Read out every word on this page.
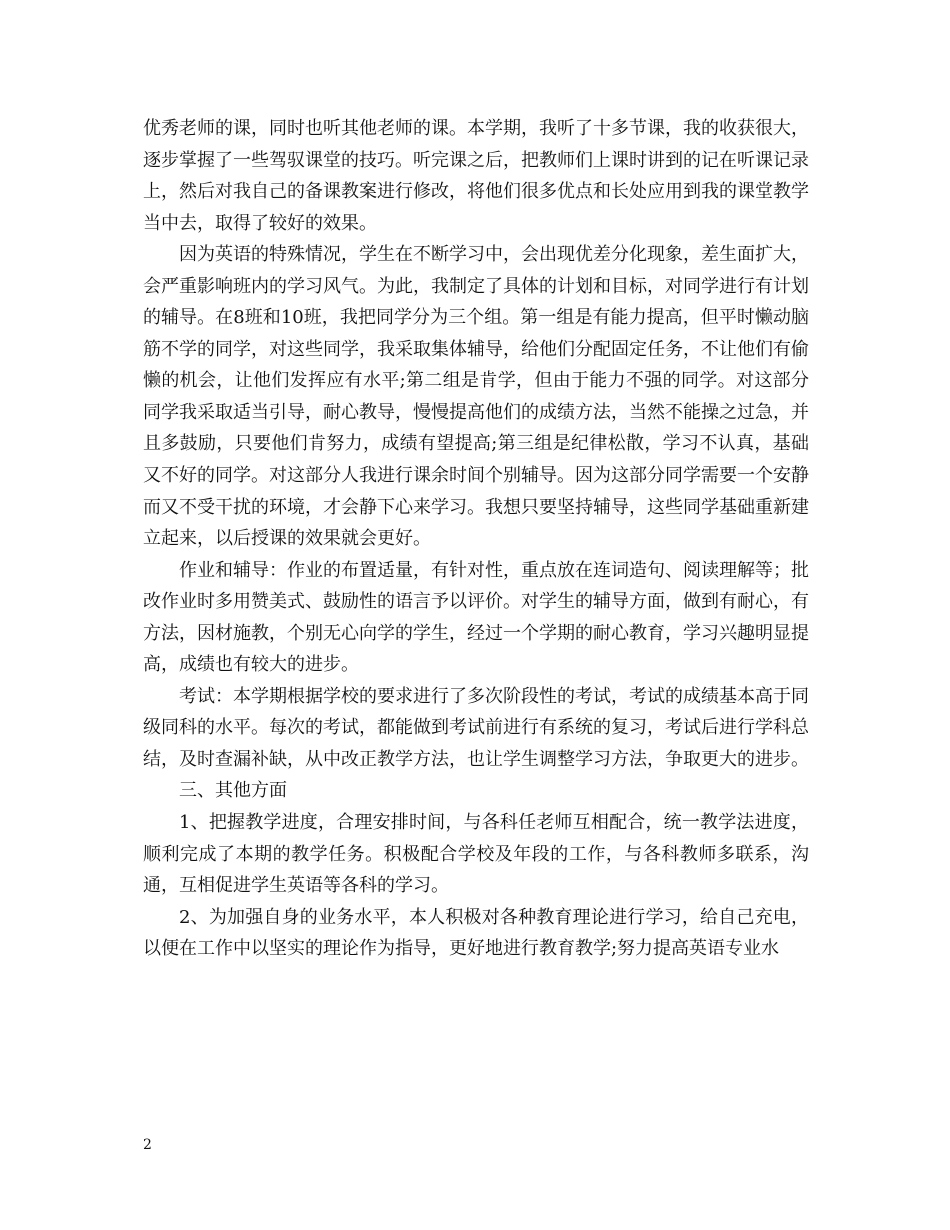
优秀老师的课，同时也听其他老师的课。本学期，我听了十多节课，我的收获很大，逐步掌握了一些驾驭课堂的技巧。听完课之后，把教师们上课时讲到的记在听课记录上，然后对我自己的备课教案进行修改，将他们很多优点和长处应用到我的课堂教学当中去，取得了较好的效果。

因为英语的特殊情况，学生在不断学习中，会出现优差分化现象，差生面扩大，会严重影响班内的学习风气。为此，我制定了具体的计划和目标，对同学进行有计划的辅导。在8班和10班，我把同学分为三个组。第一组是有能力提高，但平时懒动脑筋不学的同学，对这些同学，我采取集体辅导，给他们分配固定任务，不让他们有偷懒的机会，让他们发挥应有水平;第二组是肯学，但由于能力不强的同学。对这部分同学我采取适当引导，耐心教导，慢慢提高他们的成绩方法，当然不能操之过急，并且多鼓励，只要他们肯努力，成绩有望提高;第三组是纪律松散，学习不认真，基础又不好的同学。对这部分人我进行课余时间个别辅导。因为这部分同学需要一个安静而又不受干扰的环境，才会静下心来学习。我想只要坚持辅导，这些同学基础重新建立起来，以后授课的效果就会更好。

作业和辅导：作业的布置适量，有针对性，重点放在连词造句、阅读理解等；批改作业时多用赞美式、鼓励性的语言予以评价。对学生的辅导方面，做到有耐心，有方法，因材施教，个别无心向学的学生，经过一个学期的耐心教育，学习兴趣明显提高，成绩也有较大的进步。

考试：本学期根据学校的要求进行了多次阶段性的考试，考试的成绩基本高于同级同科的水平。每次的考试，都能做到考试前进行有系统的复习，考试后进行学科总结，及时查漏补缺，从中改正教学方法，也让学生调整学习方法，争取更大的进步。

三、其他方面

1、把握教学进度，合理安排时间，与各科任老师互相配合，统一教学法进度，顺利完成了本期的教学任务。积极配合学校及年段的工作，与各科教师多联系，沟通，互相促进学生英语等各科的学习。

2、为加强自身的业务水平，本人积极对各种教育理论进行学习，给自己充电，以便在工作中以坚实的理论作为指导，更好地进行教育教学;努力提高英语专业水

2
